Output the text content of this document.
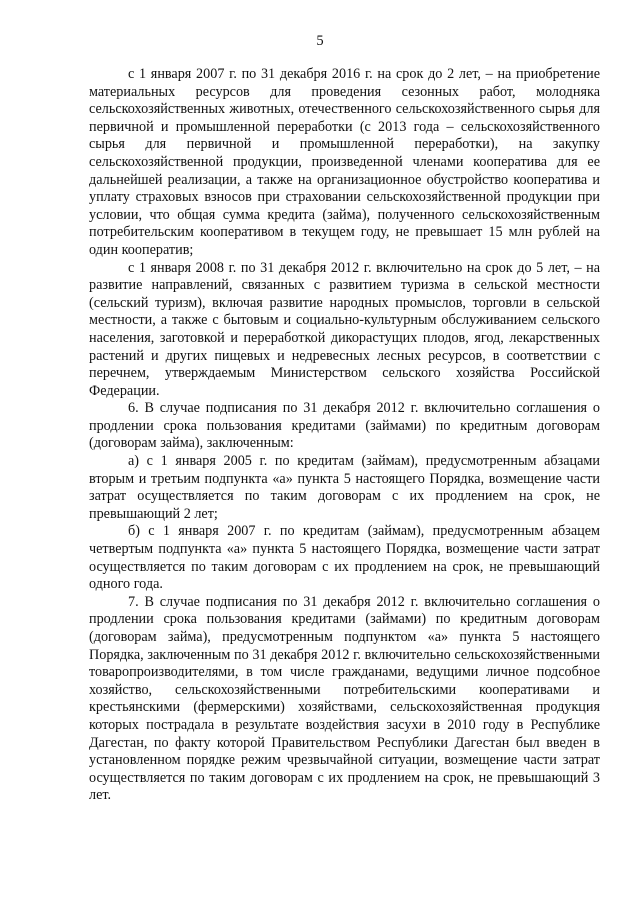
5

с 1 января 2007 г. по 31 декабря 2016 г. на срок до 2 лет, – на приобретение материальных ресурсов для проведения сезонных работ, молодняка сельскохозяйственных животных, отечественного сельскохозяйственного сырья для первичной и промышленной переработки (с 2013 года – сельскохозяйственного сырья для первичной и промышленной переработки), на закупку сельскохозяйственной продукции, произведенной членами кооператива для ее дальнейшей реализации, а также на организационное обустройство кооператива и уплату страховых взносов при страховании сельскохозяйственной продукции при условии, что общая сумма кредита (займа), полученного сельскохозяйственным потребительским кооперативом в текущем году, не превышает 15 млн рублей на один кооператив;

с 1 января 2008 г. по 31 декабря 2012 г. включительно на срок до 5 лет, – на развитие направлений, связанных с развитием туризма в сельской местности (сельский туризм), включая развитие народных промыслов, торговли в сельской местности, а также с бытовым и социально-культурным обслуживанием сельского населения, заготовкой и переработкой дикорастущих плодов, ягод, лекарственных растений и других пищевых и недревесных лесных ресурсов, в соответствии с перечнем, утверждаемым Министерством сельского хозяйства Российской Федерации.

6. В случае подписания по 31 декабря 2012 г. включительно соглашения о продлении срока пользования кредитами (займами) по кредитным договорам (договорам займа), заключенным:

а) с 1 января 2005 г. по кредитам (займам), предусмотренным абзацами вторым и третьим подпункта «а» пункта 5 настоящего Порядка, возмещение части затрат осуществляется по таким договорам с их продлением на срок, не превышающий 2 лет;

б) с 1 января 2007 г. по кредитам (займам), предусмотренным абзацем четвертым подпункта «а» пункта 5 настоящего Порядка, возмещение части затрат осуществляется по таким договорам с их продлением на срок, не превышающий одного года.

7. В случае подписания по 31 декабря 2012 г. включительно соглашения о продлении срока пользования кредитами (займами) по кредитным договорам (договорам займа), предусмотренным подпунктом «а» пункта 5 настоящего Порядка, заключенным по 31 декабря 2012 г. включительно сельскохозяйственными товаропроизводителями, в том числе гражданами, ведущими личное подсобное хозяйство, сельскохозяйственными потребительскими кооперативами и крестьянскими (фермерскими) хозяйствами, сельскохозяйственная продукция которых пострадала в результате воздействия засухи в 2010 году в Республике Дагестан, по факту которой Правительством Республики Дагестан был введен в установленном порядке режим чрезвычайной ситуации, возмещение части затрат осуществляется по таким договорам с их продлением на срок, не превышающий 3 лет.
